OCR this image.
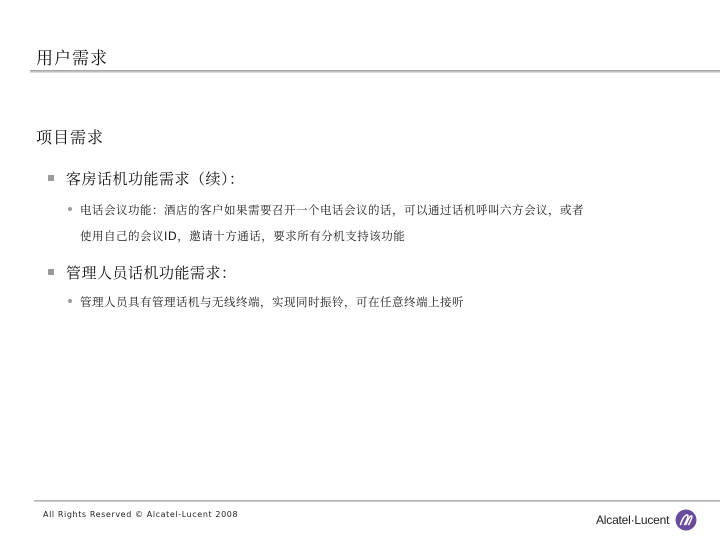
用户需求
项目需求
客房话机功能需求（续）：
电话会议功能：酒店的客户如果需要召开一个电话会议的话，可以通过话机呼叫六方会议，或者
使用自己的会议ID，邀请十方通话，要求所有分机支持该功能
管理人员话机功能需求：
管理人员具有管理话机与无线终端，实现同时振铃，可在任意终端上接听
All Rights Reserved © Alcatel-Lucent 2008	Alcatel·Lucent
